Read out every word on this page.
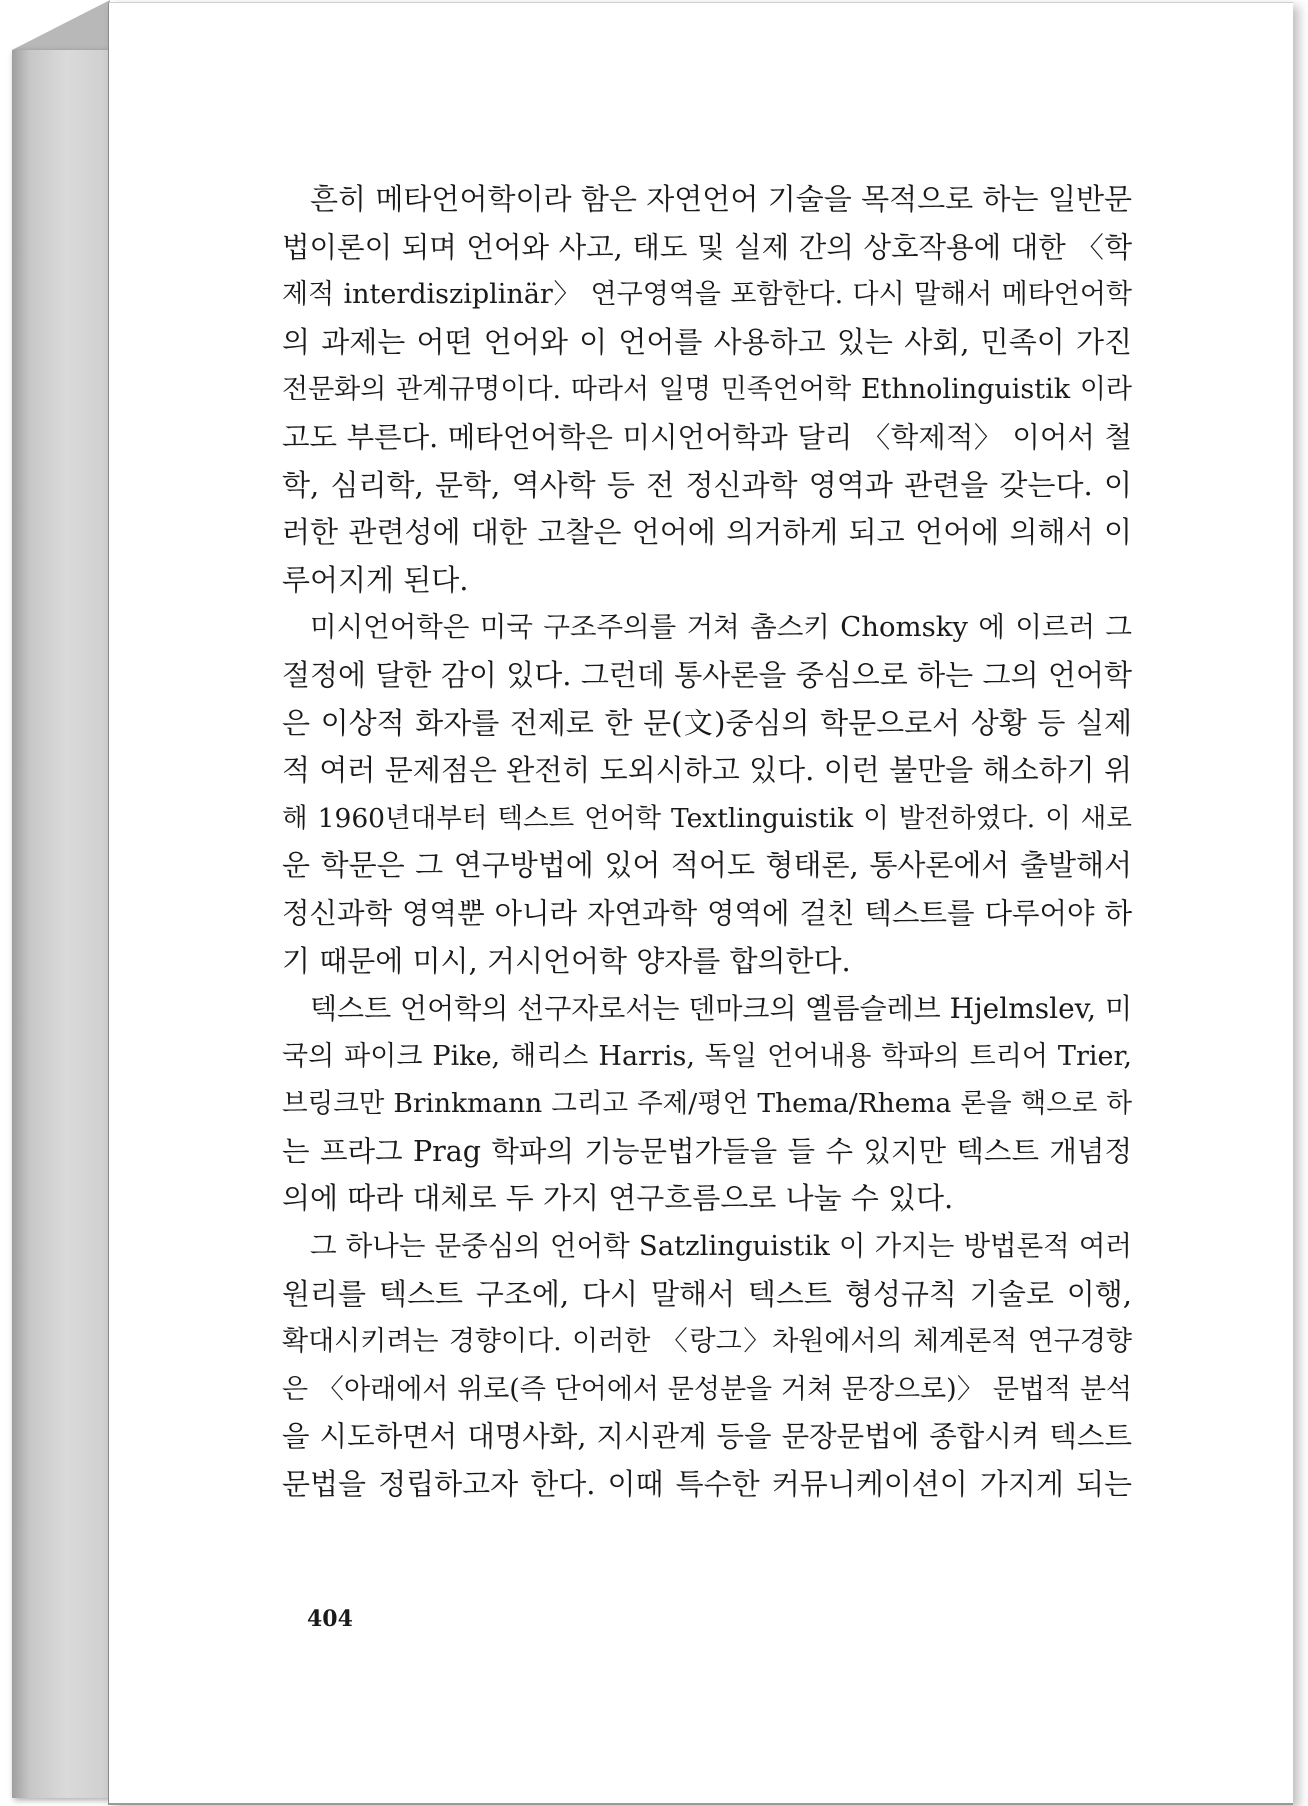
흔히 메타언어학이라 함은 자연언어 기술을 목적으로 하는 일반문
법이론이 되며 언어와 사고, 태도 및 실제 간의 상호작용에 대한 〈학
제적 interdisziplinär〉 연구영역을 포함한다. 다시 말해서 메타언어학
의 과제는 어떤 언어와 이 언어를 사용하고 있는 사회, 민족이 가진
전문화의 관계규명이다. 따라서 일명 민족언어학 Ethnolinguistik 이라
고도 부른다. 메타언어학은 미시언어학과 달리 〈학제적〉 이어서 철
학, 심리학, 문학, 역사학 등 전 정신과학 영역과 관련을 갖는다. 이
러한 관련성에 대한 고찰은 언어에 의거하게 되고 언어에 의해서 이
루어지게 된다.
미시언어학은 미국 구조주의를 거쳐 촘스키 Chomsky 에 이르러 그
절정에 달한 감이 있다. 그런데 통사론을 중심으로 하는 그의 언어학
은 이상적 화자를 전제로 한 문(文)중심의 학문으로서 상황 등 실제
적 여러 문제점은 완전히 도외시하고 있다. 이런 불만을 해소하기 위
해 1960년대부터 텍스트 언어학 Textlinguistik 이 발전하였다. 이 새로
운 학문은 그 연구방법에 있어 적어도 형태론, 통사론에서 출발해서
정신과학 영역뿐 아니라 자연과학 영역에 걸친 텍스트를 다루어야 하
기 때문에 미시, 거시언어학 양자를 합의한다.
텍스트 언어학의 선구자로서는 덴마크의 옐름슬레브 Hjelmslev, 미
국의 파이크 Pike, 해리스 Harris, 독일 언어내용 학파의 트리어 Trier,
브링크만 Brinkmann 그리고 주제/평언 Thema/Rhema 론을 핵으로 하
는 프라그 Prag 학파의 기능문법가들을 들 수 있지만 텍스트 개념정
의에 따라 대체로 두 가지 연구흐름으로 나눌 수 있다.
그 하나는 문중심의 언어학 Satzlinguistik 이 가지는 방법론적 여러
원리를 텍스트 구조에, 다시 말해서 텍스트 형성규칙 기술로 이행,
확대시키려는 경향이다. 이러한 〈랑그〉차원에서의 체계론적 연구경향
은 〈아래에서 위로(즉 단어에서 문성분을 거쳐 문장으로)〉 문법적 분석
을 시도하면서 대명사화, 지시관계 등을 문장문법에 종합시켜 텍스트
문법을 정립하고자 한다. 이때 특수한 커뮤니케이션이 가지게 되는
404
